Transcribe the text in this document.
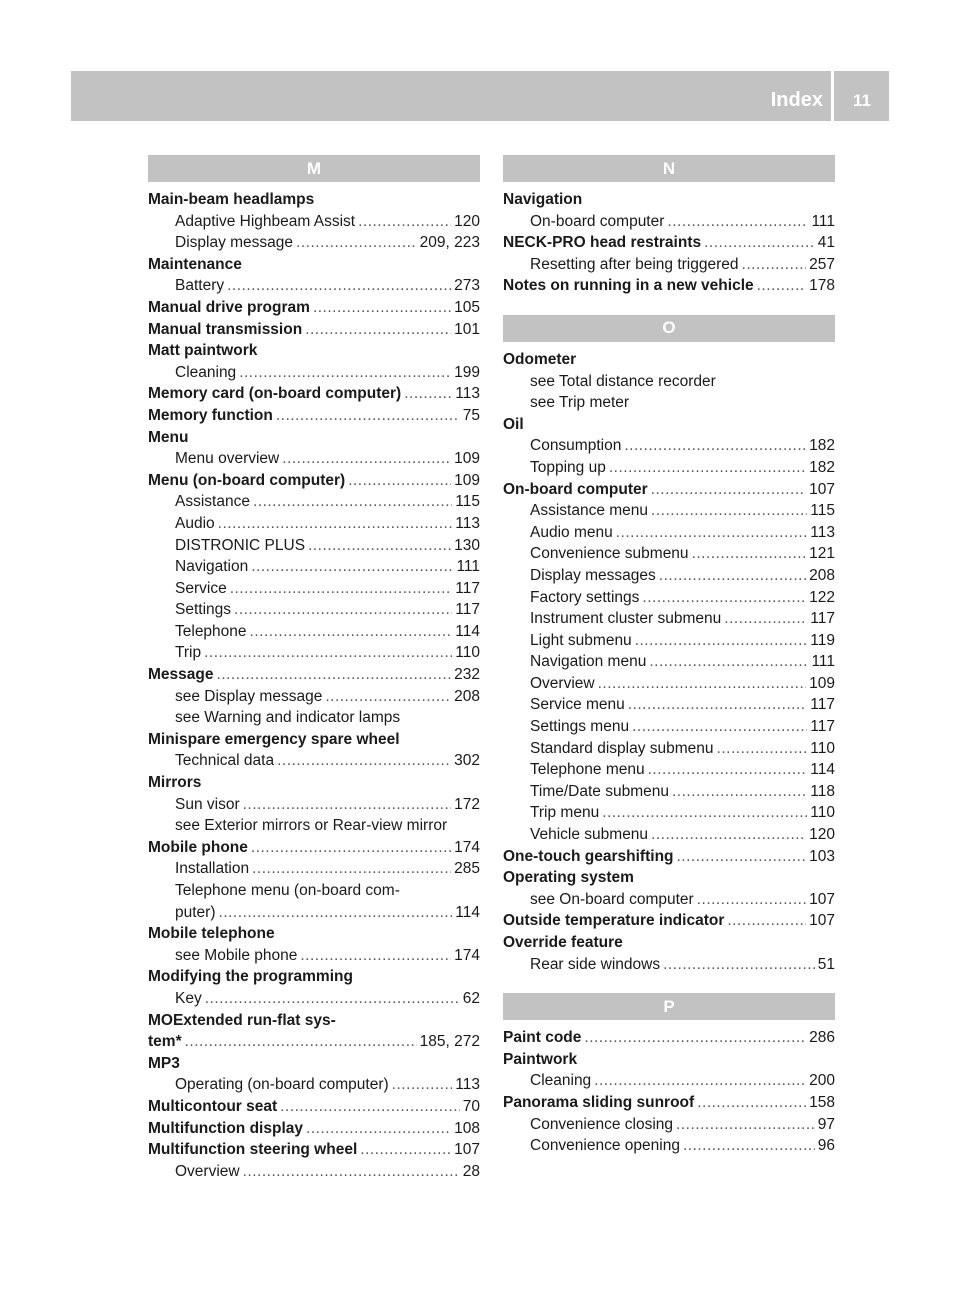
Index 11
M
Main-beam headlamps
Adaptive Highbeam Assist .....	120
Display message .....	209, 223
Maintenance
Battery .....	273
Manual drive program .....	105
Manual transmission .....	101
Matt paintwork
Cleaning .....	199
Memory card (on-board computer) .....	113
Memory function .....	75
Menu
Menu overview .....	109
Menu (on-board computer) .....	109
Assistance .....	115
Audio .....	113
DISTRONIC PLUS .....	130
Navigation .....	111
Service .....	117
Settings .....	117
Telephone .....	114
Trip .....	110
Message .....	232
see Display message .....	208
see Warning and indicator lamps
Minispare emergency spare wheel
Technical data .....	302
Mirrors
Sun visor .....	172
see Exterior mirrors or Rear-view mirror
Mobile phone .....	174
Installation .....	285
Telephone menu (on-board com-
puter) .....	114
Mobile telephone
see Mobile phone .....	174
Modifying the programming
Key .....	62
MOExtended run-flat sys-
tem* .....	185, 272
MP3
Operating (on-board computer) .....	113
Multicontour seat .....	70
Multifunction display .....	108
Multifunction steering wheel .....	107
Overview .....	28
N
Navigation
On-board computer .....	111
NECK-PRO head restraints .....	41
Resetting after being triggered .....	257
Notes on running in a new vehicle .....	178
O
Odometer
see Total distance recorder
see Trip meter
Oil
Consumption .....	182
Topping up .....	182
On-board computer .....	107
Assistance menu .....	115
Audio menu .....	113
Convenience submenu .....	121
Display messages .....	208
Factory settings .....	122
Instrument cluster submenu .....	117
Light submenu .....	119
Navigation menu .....	111
Overview .....	109
Service menu .....	117
Settings menu .....	117
Standard display submenu .....	110
Telephone menu .....	114
Time/Date submenu .....	118
Trip menu .....	110
Vehicle submenu .....	120
One-touch gearshifting .....	103
Operating system
see On-board computer .....	107
Outside temperature indicator .....	107
Override feature
Rear side windows .....	51
P
Paint code .....	286
Paintwork
Cleaning .....	200
Panorama sliding sunroof .....	158
Convenience closing .....	97
Convenience opening .....	96
